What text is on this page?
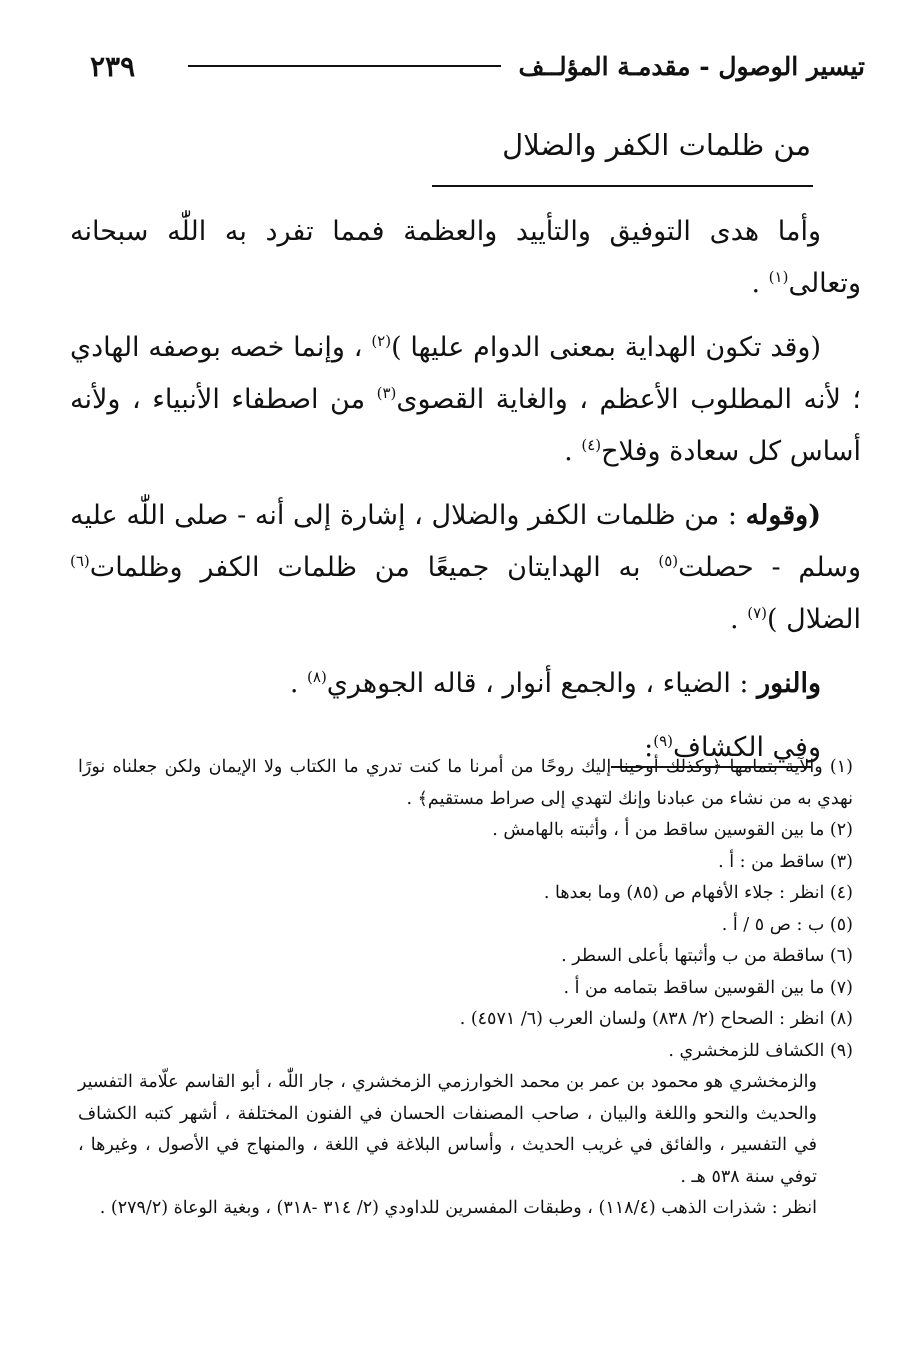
٢٣٩	تيسير الوصول - مقدمـة المؤلــف
من ظلمات الكفر والضلال

وأما هدى التوفيق والتأييد والعظمة فمما تفرد به اللّٰه سبحانه وتعالى$^{(١)}$ .

(وقد تكون الهداية بمعنى الدوام عليها )$^{(٢)}$ ، وإنما خصه بوصفه الهادي ؛ لأنه المطلوب الأعظم ، والغاية القصوى$^{(٣)}$ من اصطفاء الأنبياء ، ولأنه أساس كل سعادة وفلاح$^{(٤)}$ .

(وقوله : من ظلمات الكفر والضلال ، إشارة إلى أنه - صلى اللّٰه عليه وسلم - حصلت$^{(٥)}$ به الهدايتان جميعًا من ظلمات الكفر وظلمات$^{(٦)}$ الضلال )$^{(٧)}$ .

والنور : الضياء ، والجمع أنوار ، قاله الجوهري$^{(٨)}$ .

وفي الكشاف$^{(٩)}$:

(١) والآية بتمامها ﴿وكذلك أوحينا إليك روحًا من أمرنا ما كنت تدري ما الكتاب ولا الإيمان ولكن جعلناه نورًا نهدي به من نشاء من عبادنا وإنك لتهدي إلى صراط مستقيم﴾ .

(٢) ما بين القوسين ساقط من أ ، وأثبته بالهامش .

(٣) ساقط من : أ .

(٤) انظر : جلاء الأفهام ص (٨٥) وما بعدها .

(٥) ب : ص ٥ / أ .

(٦) ساقطة من ب وأثبتها بأعلى السطر .

(٧) ما بين القوسين ساقط بتمامه من أ .

(٨) انظر : الصحاح (٢/ ٨٣٨) ولسان العرب (٦/ ٤٥٧١) .

(٩) الكشاف للزمخشري .

والزمخشري هو محمود بن عمر بن محمد الخوارزمي الزمخشري ، جار اللّٰه ، أبو القاسم علّامة التفسير والحديث والنحو واللغة والبيان ، صاحب المصنفات الحسان في الفنون المختلفة ، أشهر كتبه الكشاف في التفسير ، والفائق في غريب الحديث ، وأساس البلاغة في اللغة ، والمنهاج في الأصول ، وغيرها ، توفي سنة ٥٣٨ هـ .

انظر : شذرات الذهب (١١٨/٤) ، وطبقات المفسرين للداودي (٢/ ٣١٤ -٣١٨) ، وبغية الوعاة (٢٧٩/٢) .
